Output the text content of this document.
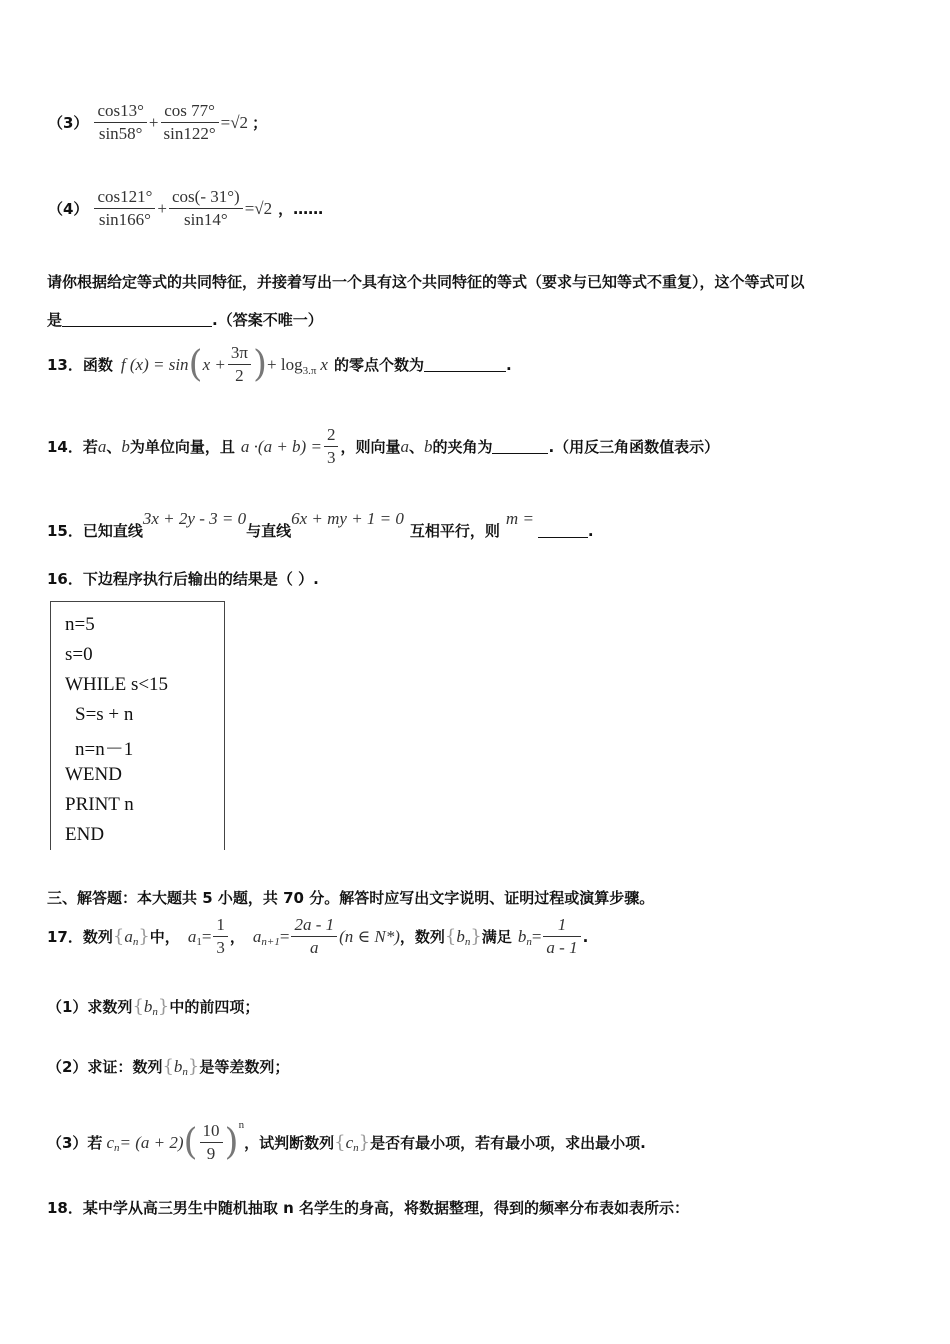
$(3) \frac{\cos 13^\circ}{\sin 58^\circ} + \frac{\cos 77^\circ}{\sin 122^\circ} =√2$ ；
$(4) \frac{\cos 121^\circ}{\sin 166^\circ} + \frac{\cos(- 31^\circ)}{\sin 14^\circ} =√2$ ，……
请你根据给定等式的共同特征，并接着写出一个具有这个共同特征的等式（要求与已知等式不重复），这个等式可以
是	.（答案不唯一）
13． 函数 f (x) = sin ( $x + \frac{3\pi}{2}$ ) + log 3.π x 的零点个数为	.
14． 若 a 、 b 为单位向量，且 $a \cdot(a + b) = \frac{2}{3}$ ，则向量 a 、 b 的夹角为	.（用反三角函数值表示）
15． 已知直线
3x + 2y - 3 = 0
与直线
6x + my + 1 = 0
互相平行，则
m =
.
16． 下边程序执行后输出的结果是（ ）.
n=5
s=0
WHILE s<15
S=s + n
n=n－1
WEND
PRINT n
END
三、解答题：本大题共 5 小题，共 70 分。解答时应写出文字说明、证明过程或演算步骤。
17． 数列 { a n } 中， a $1 = \frac{1}{3}$ ， a $n+1 = \frac{2a - 1}{a} (n$ ∈ N*) ，数列 { b n } 满足 b $n = \frac{1}{a - 1}$ .
（1）求数列 { b n } 中的前四项；
（2）求证：数列 { b n } 是等差数列；
（3）若 c n = (a + 2) ( $\frac{10}{9}$ ) n
，试判断数列 { c n } 是否有最小项，若有最小项，求出最小项.
18． 某中学从高三男生中随机抽取 n 名学生的身高，将数据整理，得到的频率分布表如表所示：
